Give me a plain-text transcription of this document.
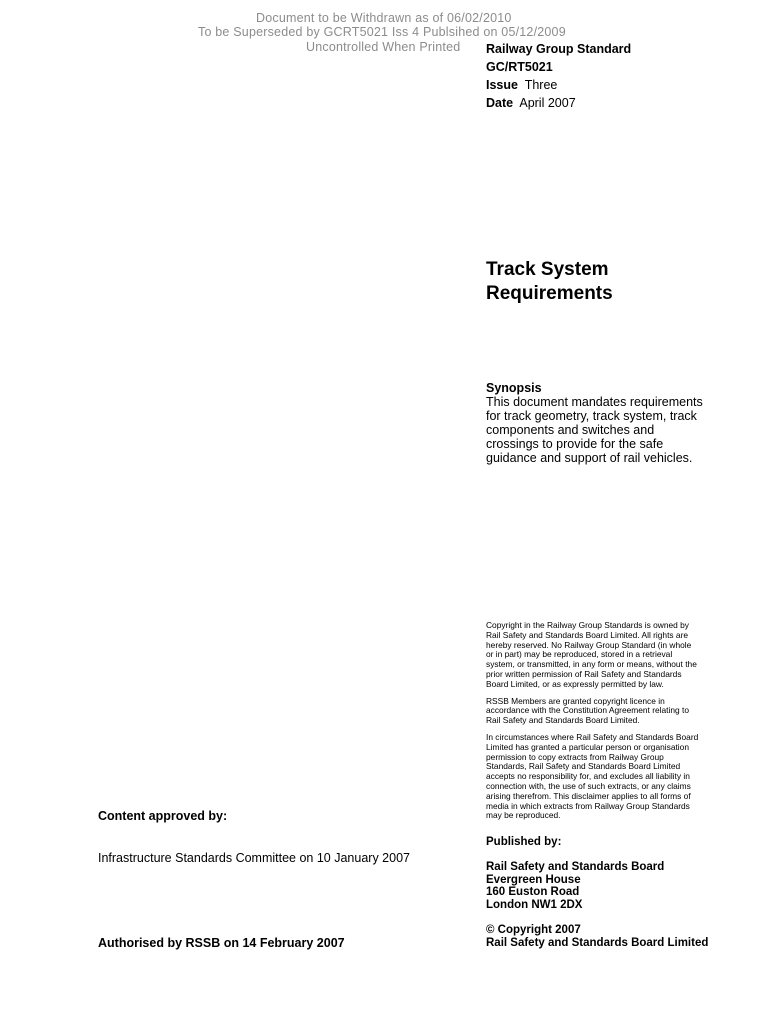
Document to be Withdrawn as of 06/02/2010
To be Superseded by GCRT5021 Iss 4 Publsihed on 05/12/2009
Uncontrolled When Printed Railway Group Standard
GC/RT5021
Issue Three
Date April 2007
Track System
Requirements
Synopsis
This document mandates requirements
for track geometry, track system, track
components and switches and
crossings to provide for the safe
guidance and support of rail vehicles.

Copyright in the Railway Group Standards is owned by
Rail Safety and Standards Board Limited. All rights are
hereby reserved. No Railway Group Standard (in whole
or in part) may be reproduced, stored in a retrieval
system, or transmitted, in any form or means, without the
prior written permission of Rail Safety and Standards
Board Limited, or as expressly permitted by law.

RSSB Members are granted copyright licence in
accordance with the Constitution Agreement relating to
Rail Safety and Standards Board Limited.

In circumstances where Rail Safety and Standards Board
Limited has granted a particular person or organisation
permission to copy extracts from Railway Group
Standards, Rail Safety and Standards Board Limited
accepts no responsibility for, and excludes all liability in
connection with, the use of such extracts, or any claims
arising therefrom. This disclaimer applies to all forms of
media in which extracts from Railway Group Standards
may be reproduced.

Published by:
Rail Safety and Standards Board
Evergreen House
160 Euston Road
London NW1 2DX
© Copyright 2007
Rail Safety and Standards Board Limited
Content approved by:
Infrastructure Standards Committee on 10 January 2007
Authorised by RSSB on 14 February 2007
